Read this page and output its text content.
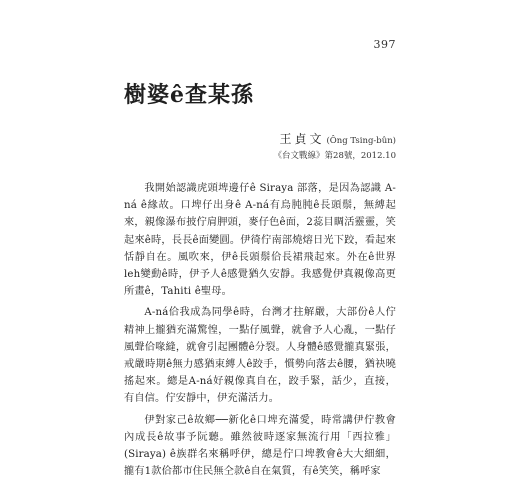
397
樹婆ê查某孫
王貞文 (Ông Tsing-bûn)
《台文戰線》第28號，2012.10

我開始認識虎頭埤邊仔ê Siraya 部落，是因為認識 A-ná ê緣故。口埤仔出身ê A-ná有烏肫肫ê長頭鬃，無縛起來，親像瀑布披佇肩胛頭，麥仔色ê面，2蕊目睭活靈靈，笑起來ê時，長長ê面變圓。伊徛佇南部燒熔日光下跤，看起來恬靜自在。風吹來，伊ê長頭鬃佮長裙飛起來。外在ê世界leh變動ê時，伊予人ê感覺猶久安靜。我感覺伊真親像高更所畫ê，Tahiti ê聖母。

A-ná佮我成為同學ê時，台灣才拄解嚴，大部份ê人佇精神上攏猶充滿驚惶，一點仔風聲，就會予人心亂，一點仔風聲佮喙縫，就會引起團體ê分裂。人身體ê感覺攏真緊張，戒嚴時期ê無力感猶束縛人ê跤手，慣勢向落去ê腰，猶袂曉搖起來。總是A-ná好親像真自在，跤手緊，話少，直接，有自信。佇安靜中，伊充滿活力。

伊對家己ê故鄉──新化ê口埤充滿愛，時常講伊佇教會內成長ê故事予阮聽。雖然彼時逐家無流行用「西拉雅」(Siraya) ê族群名來稱呼伊，總是佇口埤教會ê大大細細，攏有1款佮都市住民無仝款ê自在氣質，有ê笑笑，稱呼家
